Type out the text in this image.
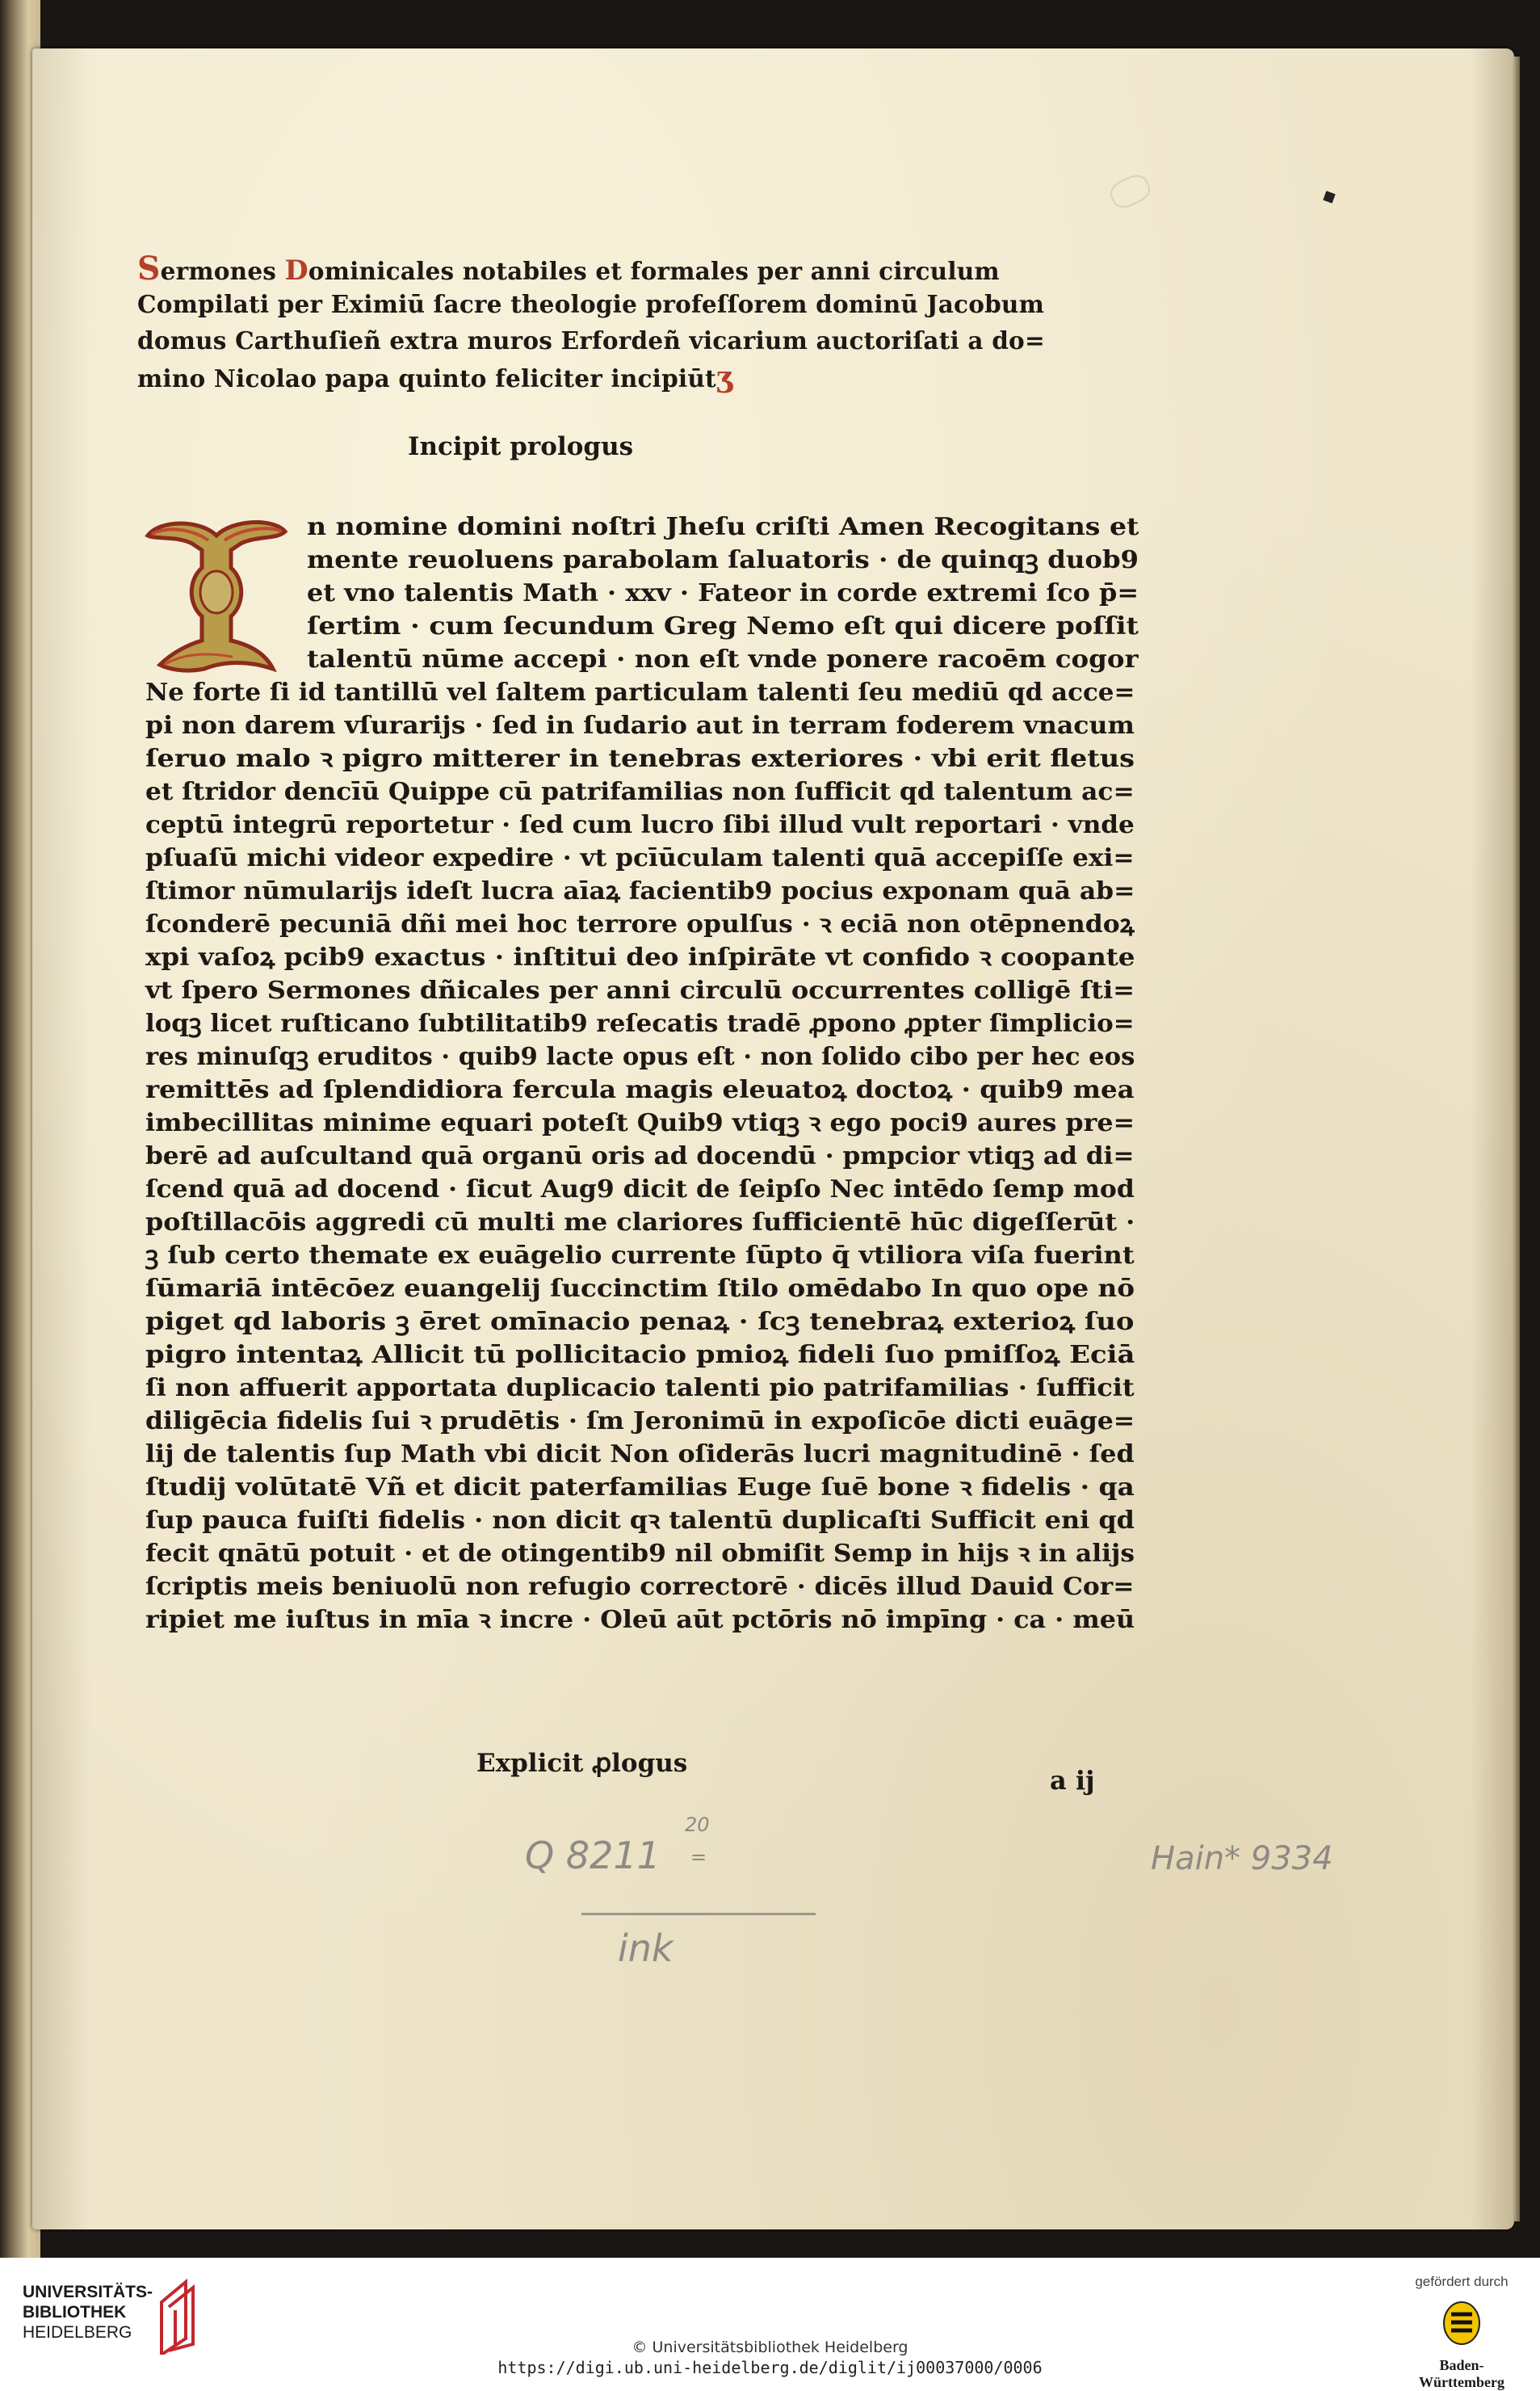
Sermones Dominicales notabiles et formales per anni circulum
Compilati per Eximiū ſacre theologie profeſſorem dominū Jacobum
domus Carthuſieñ extra muros Erfordeñ vicarium auctoriſati a do=
mino Nicolao papa quinto feliciter incipiūtʒ
Incipit prologus
n nomine domini noſtri Jheſu criſti Amen Recogitans et
mente reuoluens parabolam ſaluatoris · de quinqꝫ duob9
et vno talentis Math · xxv · Fateor in corde extremi ſco p̄=
ſertim · cum ſecundum Greg Nemo eſt qui dicere poſſit
talentū nūme accepi · non eſt vnde ponere racoēm cogor
Ne forte ſi id tantillū vel ſaltem particulam talenti ſeu mediū qd acce=
pi non darem vſurarijs · ſed in ſudario aut in terram foderem vnacum
ſeruo malo ꝛ pigro mitterer in tenebras exteriores · vbi erit fletus
et ſtridor dencīū Quippe cū patrifamilias non ſufficit qd talentum ac=
ceptū integrū reportetur · ſed cum lucro ſibi illud vult reportari · vnde
pſuaſū michi videor expedire · vt pcīūculam talenti quā accepiſſe exi=
ſtimor nūmularijs ideſt lucra aīaꝝ facientib9 pocius exponam quā ab=
ſconderē pecuniā dñi mei hoc terrore opulſus · ꝛ eciā non otēpnendoꝝ
xpi vaſoꝝ pcib9 exactus · inſtitui deo inſpirāte vt confido ꝛ coopante
vt ſpero Sermones dñicales per anni circulū occurrentes colligē ſti=
loqꝫ licet ruſticano ſubtilitatib9 reſecatis tradē ꝓpono ꝓpter ſimplicio=
res minuſqꝫ eruditos · quib9 lacte opus eſt · non ſolido cibo per hec eos
remittēs ad ſplendidiora fercula magis eleuatoꝝ doctoꝝ · quib9 mea
imbecillitas minime equari poteſt Quib9 vtiqꝫ ꝛ ego poci9 aures pre=
berē ad auſcultand quā organū oris ad docendū · pmpcior vtiqꝫ ad di=
ſcend quā ad docend · ſicut Aug9 dicit de ſeipſo Nec intēdo ſemp mod
poſtillacōis aggredi cū multi me clariores ſufficientē hūc digeſſerūt ·
ꝫ ſub certo themate ex euāgelio currente ſūpto q̄ vtiliora viſa fuerint
ſūmariā intēcōez euangelij ſuccinctim ſtilo omēdabo In quo ope nō
piget qd laboris ꝫ ēret omīnacio penaꝝ · ſcꝫ tenebraꝝ exterioꝝ ſuo
pigro intentaꝝ Allicit tū pollicitacio pmioꝝ fideli ſuo pmiſſoꝝ Eciā
ſi non affuerit apportata duplicacio talenti pio patrifamilias · ſufficit
diligēcia fidelis ſui ꝛ prudētis · ſm Jeronimū in expoſicōe dicti euāge=
lij de talentis ſup Math vbi dicit Non oſiderās lucri magnitudinē · ſed
ſtudij volūtatē Vñ et dicit paterfamilias Euge ſuē bone ꝛ fidelis · qa
ſup pauca fuiſti fidelis · non dicit qꝛ talentū duplicaſti Sufficit eni qd
fecit qnātū potuit · et de otingentib9 nil obmiſit Semp in hijs ꝛ in alijs
ſcriptis meis beniuolū non refugio correctorē · dicēs illud Dauid Cor=
ripiet me iuſtus in mīa ꝛ incre · Oleū aūt pctōris nō impīng · ca · meū
Explicit ꝓlogus
a ij
Q 8211
20
=
ink
Hain* 9334
UNIVERSITÄTS-
BIBLIOTHEK
HEIDELBERG
© Universitätsbibliothek Heidelberg
https://digi.ub.uni-heidelberg.de/diglit/ij00037000/0006
gefördert durch
Baden-Württemberg
